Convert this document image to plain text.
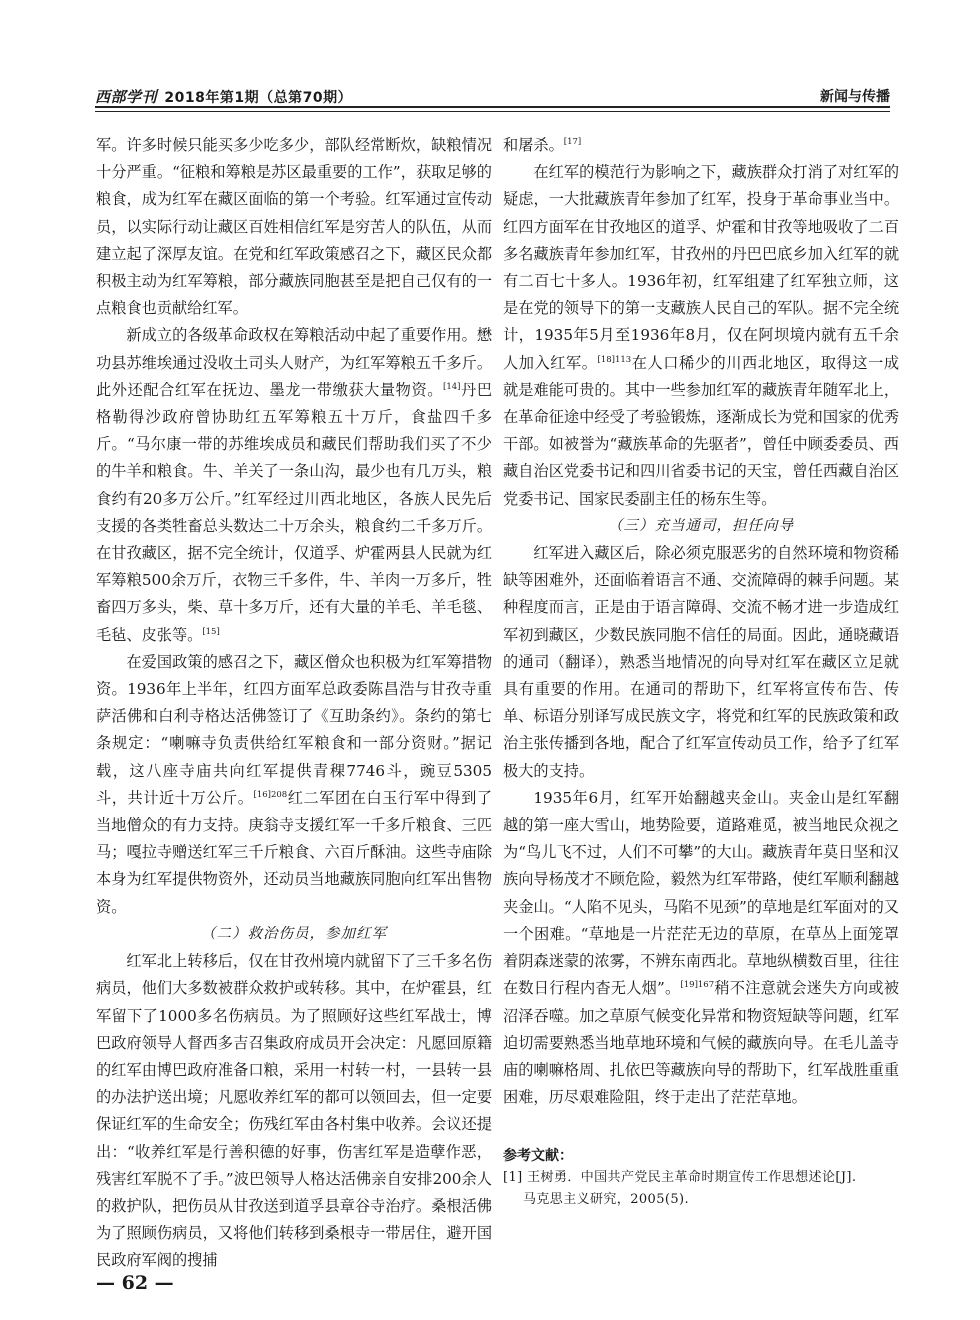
西部学刊 2018年第1期（总第70期）	新闻与传播

军。许多时候只能买多少吃多少，部队经常断炊，缺粮情况十分严重。“征粮和筹粮是苏区最重要的工作”，获取足够的粮食，成为红军在藏区面临的第一个考验。红军通过宣传动员，以实际行动让藏区百姓相信红军是穷苦人的队伍，从而建立起了深厚友谊。在党和红军政策感召之下，藏区民众都积极主动为红军筹粮，部分藏族同胞甚至是把自己仅有的一点粮食也贡献给红军。

新成立的各级革命政权在筹粮活动中起了重要作用。懋功县苏维埃通过没收土司头人财产，为红军筹粮五千多斤。此外还配合红军在抚边、墨龙一带缴获大量物资。[14]丹巴格勒得沙政府曾协助红五军筹粮五十万斤，食盐四千多斤。“马尔康一带的苏维埃成员和藏民们帮助我们买了不少的牛羊和粮食。牛、羊关了一条山沟，最少也有几万头，粮食约有20多万公斤。”红军经过川西北地区，各族人民先后支援的各类牲畜总头数达二十万余头，粮食约二千多万斤。在甘孜藏区，据不完全统计，仅道孚、炉霍两县人民就为红军筹粮500余万斤，衣物三千多件，牛、羊肉一万多斤，牲畜四万多头，柴、草十多万斤，还有大量的羊毛、羊毛毯、毛毡、皮张等。[15]

在爱国政策的感召之下，藏区僧众也积极为红军筹措物资。1936年上半年，红四方面军总政委陈昌浩与甘孜寺重萨活佛和白利寺格达活佛签订了《互助条约》。条约的第七条规定：“喇嘛寺负责供给红军粮食和一部分资财。”据记载，这八座寺庙共向红军提供青稞7746斗，豌豆5305斗，共计近十万公斤。$^{[16]208}$红二军团在白玉行军中得到了当地僧众的有力支持。庚翁寺支援红军一千多斤粮食、三匹马；嘎拉寺赠送红军三千斤粮食、六百斤酥油。这些寺庙除本身为红军提供物资外，还动员当地藏族同胞向红军出售物资。

（二）救治伤员，参加红军

红军北上转移后，仅在甘孜州境内就留下了三千多名伤病员，他们大多数被群众救护或转移。其中，在炉霍县，红军留下了1000多名伤病员。为了照顾好这些红军战士，博巴政府领导人督西多吉召集政府成员开会决定：凡愿回原籍的红军由博巴政府准备口粮，采用一村转一村，一县转一县的办法护送出境；凡愿收养红军的都可以领回去，但一定要保证红军的生命安全；伤残红军由各村集中收养。会议还提出：“收养红军是行善积德的好事，伤害红军是造孽作恶，残害红军脱不了手。”波巴领导人格达活佛亲自安排200余人的救护队，把伤员从甘孜送到道孚县章谷寺治疗。桑根活佛为了照顾伤病员，又将他们转移到桑根寺一带居住，避开国民政府军阀的搜捕

和屠杀。[17]

在红军的模范行为影响之下，藏族群众打消了对红军的疑虑，一大批藏族青年参加了红军，投身于革命事业当中。红四方面军在甘孜地区的道孚、炉霍和甘孜等地吸收了二百多名藏族青年参加红军，甘孜州的丹巴巴底乡加入红军的就有二百七十多人。1936年初，红军组建了红军独立师，这是在党的领导下的第一支藏族人民自己的军队。据不完全统计，1935年5月至1936年8月，仅在阿坝境内就有五千余人加入红军。$^{[18]113}$在人口稀少的川西北地区，取得这一成就是难能可贵的。其中一些参加红军的藏族青年随军北上，在革命征途中经受了考验锻炼，逐渐成长为党和国家的优秀干部。如被誉为“藏族革命的先驱者”，曾任中顾委委员、西藏自治区党委书记和四川省委书记的天宝，曾任西藏自治区党委书记、国家民委副主任的杨东生等。

（三）充当通司，担任向导

红军进入藏区后，除必须克服恶劣的自然环境和物资稀缺等困难外，还面临着语言不通、交流障碍的棘手问题。某种程度而言，正是由于语言障碍、交流不畅才进一步造成红军初到藏区，少数民族同胞不信任的局面。因此，通晓藏语的通司（翻译），熟悉当地情况的向导对红军在藏区立足就具有重要的作用。在通司的帮助下，红军将宣传布告、传单、标语分别译写成民族文字，将党和红军的民族政策和政治主张传播到各地，配合了红军宣传动员工作，给予了红军极大的支持。

1935年6月，红军开始翻越夹金山。夹金山是红军翻越的第一座大雪山，地势险要，道路难觅，被当地民众视之为“鸟儿飞不过，人们不可攀”的大山。藏族青年莫日坚和汉族向导杨茂才不顾危险，毅然为红军带路，使红军顺利翻越夹金山。“人陷不见头，马陷不见颈”的草地是红军面对的又一个困难。“草地是一片茫茫无边的草原，在草丛上面笼罩着阴森迷蒙的浓雾，不辨东南西北。草地纵横数百里，往往在数日行程内杳无人烟”。$^{[19]167}$稍不注意就会迷失方向或被沼泽吞噬。加之草原气候变化异常和物资短缺等问题，红军迫切需要熟悉当地草地环境和气候的藏族向导。在毛儿盖寺庙的喇嘛格周、扎依巴等藏族向导的帮助下，红军战胜重重困难，历尽艰难险阻，终于走出了茫茫草地。

参考文献：
[1] 王树勇．中国共产党民主革命时期宣传工作思想述论[J].
马克思主义研究，2005(5).
— 62 —
